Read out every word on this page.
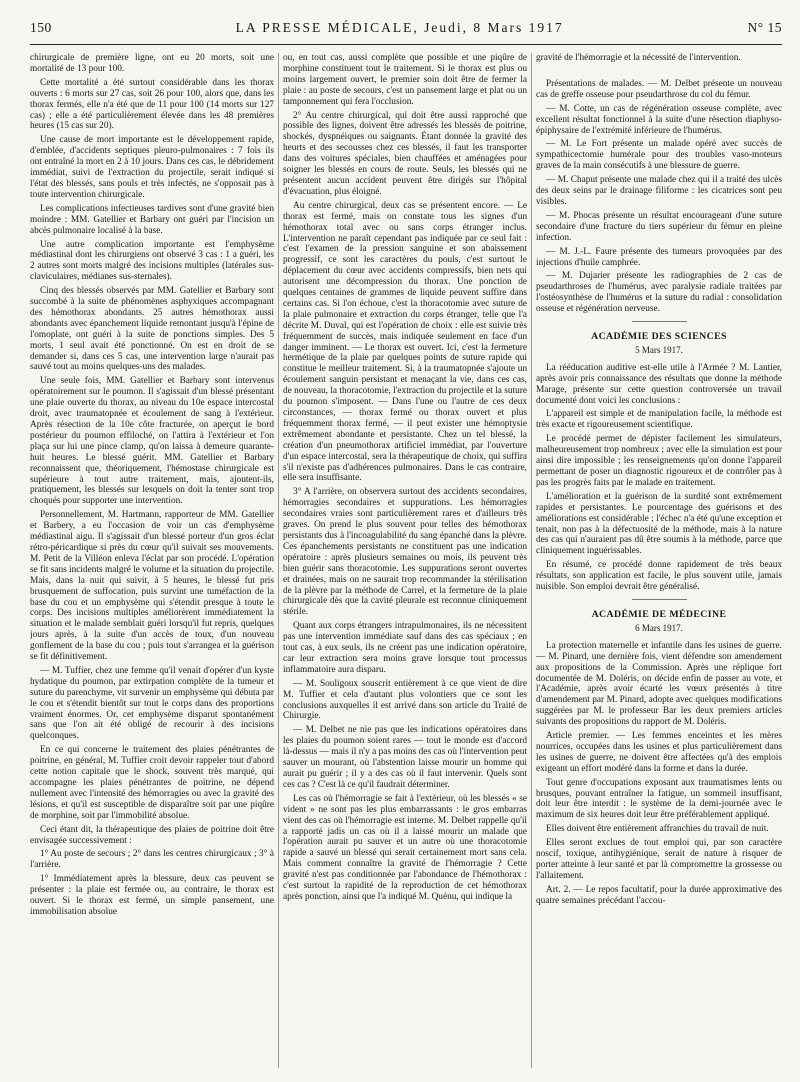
150	LA PRESSE MÉDICALE, Jeudi, 8 Mars 1917	N° 15

chirurgicale de première ligne, ont eu 20 morts, soit une mortalité de 13 pour 100.

Cette mortalité a été surtout considérable dans les thorax ouverts : 6 morts sur 27 cas, soit 26 pour 100, alors que, dans les thorax fermés, elle n'a été que de 11 pour 100 (14 morts sur 127 cas) ; elle a été particulièrement élevée dans les 48 premières heures (15 cas sur 20).

Une cause de mort importante est le développement rapide, d'emblée, d'accidents septiques pleuro-pulmonaires : 7 fois ils ont entraîné la mort en 2 à 10 jours. Dans ces cas, le débridement immédiat, suivi de l'extraction du projectile, serait indiqué si l'état des blessés, sans pouls et très infectés, ne s'opposait pas à toute intervention chirurgicale.

Les complications infectieuses tardives sont d'une gravité bien moindre : MM. Gatellier et Barbary ont guéri par l'incision un abcès pulmonaire localisé à la base.

Une autre complication importante est l'emphysème médiastinal dont les chirurgiens ont observé 3 cas : 1 a guéri, les 2 autres sont morts malgré des incisions multiples (latérales sus-claviculaires, médianes sus-sternales).

Cinq des blessés observés par MM. Gatellier et Barbary sont succombé à la suite de phénomènes asphyxiques accompagnant des hémothorax abondants. 25 autres hémothorax aussi abondants avec épanchement liquide remontant jusqu'à l'épine de l'omoplate, ont guéri à la suite de ponctions simples. Des 5 morts, 1 seul avait été ponctionné. On est en droit de se demander si, dans ces 5 cas, une intervention large n'aurait pas sauvé tout au moins quelques-uns des malades.

Une seule fois, MM. Gatellier et Barbary sont intervenus opératoirement sur le poumon. Il s'agissait d'un blessé présentant une plaie ouverte du thorax, au niveau du 10e espace intercostal droit, avec traumatopnée et écoulement de sang à l'extérieur. Après résection de la 10e côte fracturée, on aperçut le bord postérieur du poumon effiloché, on l'attira à l'extérieur et l'on plaça sur lui une pince clamp, qu'on laissa à demeure quarante-huit heures. Le blessé guérit. MM. Gatellier et Barbary reconnaissent que, théoriquement, l'hémostase chirurgicale est supérieure à tout autre traitement, mais, ajoutent-ils, pratiquement, les blessés sur lesquels on doit la tenter sont trop choqués pour supporter une intervention.

Personnellement, M. Hartmann, rapporteur de MM. Gatellier et Barbery, a eu l'occasion de voir un cas d'emphysème médiastinal aigu. Il s'agissait d'un blessé porteur d'un gros éclat rétro-péricardique si près du cœur qu'il suivait ses mouvements. M. Petit de la Villéon enleva l'éclat par son procédé. L'opération se fit sans incidents malgré le volume et la situation du projectile. Mais, dans la nuit qui suivit, à 5 heures, le blessé fut pris brusquement de suffocation, puis survint une tuméfaction de la base du cou et un emphysème qui s'étendit presque à toute le corps. Des incisions multiples améliorèrent immédiatement la situation et le malade semblait guéri lorsqu'il fut repris, quelques jours après, à la suite d'un accès de toux, d'un nouveau gonflement de la base du cou ; puis tout s'arrangea et la guérison se fit définitivement.

— M. Tuffier, chez une femme qu'il venait d'opérer d'un kyste hydatique du poumon, par extirpation complète de la tumeur et suture du parenchyme, vit survenir un emphysème qui débuta par le cou et s'étendit bientôt sur tout le corps dans des proportions vraiment énormes. Or, cet emphysème disparut spontanément sans que l'on ait été obligé de recourir à des incisions quelconques.

En ce qui concerne le traitement des plaies pénétrantes de poitrine, en général, M. Tuffier croit devoir rappeler tout d'abord cette notion capitale que le shock, souvent très marqué, qui accompagne les plaies pénétrantes de poitrine, ne dépend nullement avec l'intensité des hémorragies ou avec la gravité des lésions, et qu'il est susceptible de disparaître soit par une piqûre de morphine, soit par l'immobilité absolue.

Ceci étant dit, la thérapeutique des plaies de poitrine doit être envisagée successivement :

1° Au poste de secours ; 2° dans les centres chirurgicaux ; 3° à l'arrière.

1° Immédiatement après la blessure, deux cas peuvent se présenter : la plaie est fermée ou, au contraire, le thorax est ouvert. Si le thorax est fermé, un simple pansement, une immobilisation absolue

ou, en tout cas, aussi complète que possible et une piqûre de morphine constituent tout le traitement. Si le thorax est plus ou moins largement ouvert, le premier soin doit être de fermer la plaie : au poste de secours, c'est un pansement large et plat ou un tamponnement qui fera l'occlusion.

2° Au centre chirurgical, qui doit être aussi rapproché que possible des lignes, doivent être adressés les blessés de poitrine, shockés, dyspnéiques ou saignants. Étant donnée la gravité des heurts et des secousses chez ces blessés, il faut les transporter dans des voitures spéciales, bien chauffées et aménagées pour soigner les blessés en cours de route. Seuls, les blessés qui ne présentent aucun accident peuvent être dirigés sur l'hôpital d'évacuation, plus éloigné.

Au centre chirurgical, deux cas se présentent encore. — Le thorax est fermé, mais on constate tous les signes d'un hémothorax total avec ou sans corps étranger inclus. L'intervention ne paraît cependant pas indiquée par ce seul fait : c'est l'examen de la pression sanguine et son abaissement progressif, ce sont les caractères du pouls, c'est surtout le déplacement du cœur avec accidents compressifs, bien nets qui autorisent une décompression du thorax. Une ponction de quelques centaines de grammes de liquide peuvent suffire dans certains cas. Si l'on échoue, c'est la thoracotomie avec suture de la plaie pulmonaire et extraction du corps étranger, telle que l'a décrite M. Duval, qui est l'opération de choix : elle est suivie très fréquemment de succès, mais indiquée seulement en face d'un danger imminent. — Le thorax est ouvert. Ici, c'est la fermeture hermétique de la plaie par quelques points de suture rapide qui constitue le meilleur traitement. Si, à la traumatopnée s'ajoute un écoulement sanguin persistant et menaçant la vie, dans ces cas, de nouveau, la thoracotomie, l'extraction du projectile et la suture du poumon s'imposent. — Dans l'une ou l'autre de ces deux circonstances, — thorax fermé ou thorax ouvert et plus fréquemment thorax fermé, — il peut exister une hémoptysie extrêmement abondante et persistante. Chez un tel blessé, la création d'un pneumothorax artificiel immédiat, par l'ouverture d'un espace intercostal, sera la thérapeutique de choix, qui suffira s'il n'existe pas d'adhérences pulmonaires. Dans le cas contraire, elle sera insuffisante.

3° A l'arrière, on observera surtout des accidents secondaires, hémorragies secondaires et suppurations. Les hémorragies secondaires vraies sont particulièrement rares et d'ailleurs très graves. On prend le plus souvent pour telles des hémothorax persistants dus à l'incoagulabilité du sang épanché dans la plèvre. Ces épanchements persistants ne constituent pas une indication opératoire : après plusieurs semaines ou mois, ils peuvent très bien guérir sans thoracotomie. Les suppurations seront ouvertes et drainées, mais on ne saurait trop recommander la stérilisation de la plèvre par la méthode de Carrel, et la fermeture de la plaie chirurgicale dès que la cavité pleurale est reconnue cliniquement stérile.

Quant aux corps étrangers intrapulmonaires, ils ne nécessitent pas une intervention immédiate sauf dans des cas spéciaux ; en tout cas, à eux seuls, ils ne créent pas une indication opératoire, car leur extraction sera moins grave lorsque tout processus inflammatoire aura disparu.

— M. Souligoux souscrit entièrement à ce que vient de dire M. Tuffier et cela d'autant plus volontiers que ce sont les conclusions auxquelles il est arrivé dans son article du Traité de Chirurgie.

— M. Delbet ne nie pas que les indications opératoires dans les plaies du poumon soient rares — tout le monde est d'accord là-dessus — mais il n'y a pas moins des cas où l'intervention peut sauver un mourant, où l'abstention laisse mourir un homme qui aurait pu guérir ; il y a des cas où il faut intervenir. Quels sont ces cas ? C'est là ce qu'il faudrait déterminer.

Les cas où l'hémorragie se fait à l'extérieur, où les blessés « se vident » ne sont pas les plus embarrassants : le gros embarras vient des cas où l'hémorragie est interne. M. Delbet rappelle qu'il a rapporté jadis un cas où il a laissé mourir un malade que l'opération aurait pu sauver et un autre où une thoracotomie rapide a sauvé un blessé qui serait certainement mort sans cela. Mais comment connaître la gravité de l'hémorragie ? Cette gravité n'est pas conditionnée par l'abondance de l'hémothorax : c'est surtout la rapidité de la reproduction de cet hémothorax après ponction, ainsi que l'a indiqué M. Quénu, qui indique la

gravité de l'hémorragie et la nécessité de l'intervention.

Présentations de malades. — M. Delbet présente un nouveau cas de greffe osseuse pour pseudarthrose du col du fémur.

— M. Cotte, un cas de régénération osseuse complète, avec excellent résultat fonctionnel à la suite d'une résection diaphyso-épiphysaire de l'extrémité inférieure de l'humérus.

— M. Le Fort présente un malade opéré avec succès de sympathicectomie humérale pour des troubles vaso-moteurs graves de la main consécutifs à une blessure de guerre.

— M. Chaput présente une malade chez qui il a traité des ulcès des deux seins par le drainage filiforme : les cicatrices sont peu visibles.

— M. Phocas présente un résultat encourageant d'une suture secondaire d'une fracture du tiers supérieur du fémur en pleine infection.

— M. J.-L. Faure présente des tumeurs provoquées par des injections d'huile camphrée.

— M. Dujarier présente les radiographies de 2 cas de pseudarthroses de l'humérus, avec paralysie radiale traitées par l'ostéosynthèse de l'humérus et la suture du radial : consolidation osseuse et régénération nerveuse.

ACADÉMIE DES SCIENCES
5 Mars 1917.

La rééducation auditive est-elle utile à l'Armée ? M. Lantier, après avoir pris connaissance des résultats que donne la méthode Marage, présente sur cette question controversée un travail documenté dont voici les conclusions :

L'appareil est simple et de manipulation facile, la méthode est très exacte et rigoureusement scientifique.

Le procédé permet de dépister facilement les simulateurs, malheureusement trop nombreux ; avec elle la simulation est pour ainsi dire impossible ; les renseignements qu'on donne l'appareil permettant de poser un diagnostic rigoureux et de contrôler pas à pas les progrès faits par le malade en traitement.

L'amélioration et la guérison de la surdité sont extrêmement rapides et persistantes. Le pourcentage des guérisons et des améliorations est considérable ; l'échec n'a été qu'une exception et tenait, non pas à la défectuosité de la méthode, mais à la nature des cas qui n'auraient pas dû être soumis à la méthode, parce que cliniquement inguérissables.

En résumé, ce procédé donne rapidement de très beaux résultats, son application est facile, le plus souvent utile, jamais nuisible. Son emploi devrait être généralisé.

ACADÉMIE DE MÉDECINE
6 Mars 1917.

La protection maternelle et infantile dans les usines de guerre. — M. Pinard, une dernière fois, vient défendre son amendement aux propositions de la Commission. Après une réplique fort documentée de M. Doléris, on décide enfin de passer au vote, et l'Académie, après avoir écarté les vœux présentés à titre d'amendement par M. Pinard, adopte avec quelques modifications suggérées par M. le professeur Bar les deux premiers articles suivants des propositions du rapport de M. Doléris.

Article premier. — Les femmes enceintes et les mères nourrices, occupées dans les usines et plus particulièrement dans les usines de guerre, ne doivent être affectées qu'à des emplois exigeant un effort modéré dans la forme et dans la durée.

Tout genre d'occupations exposant aux traumatismes lents ou brusques, pouvant entraîner la fatigue, un sommeil insuffisant, doit leur être interdit : le système de la demi-journée avec le maximum de six heures doit leur être préférablement appliqué.

Elles doivent être entièrement affranchies du travail de nuit.

Elles seront exclues de tout emploi qui, par son caractère noscif, toxique, antihygiénique, serait de nature à risquer de porter atteinte à leur santé et par là compromettre la grossesse ou l'allaitement.

Art. 2. — Le repos facultatif, pour la durée approximative des quatre semaines précédant l'accou-
